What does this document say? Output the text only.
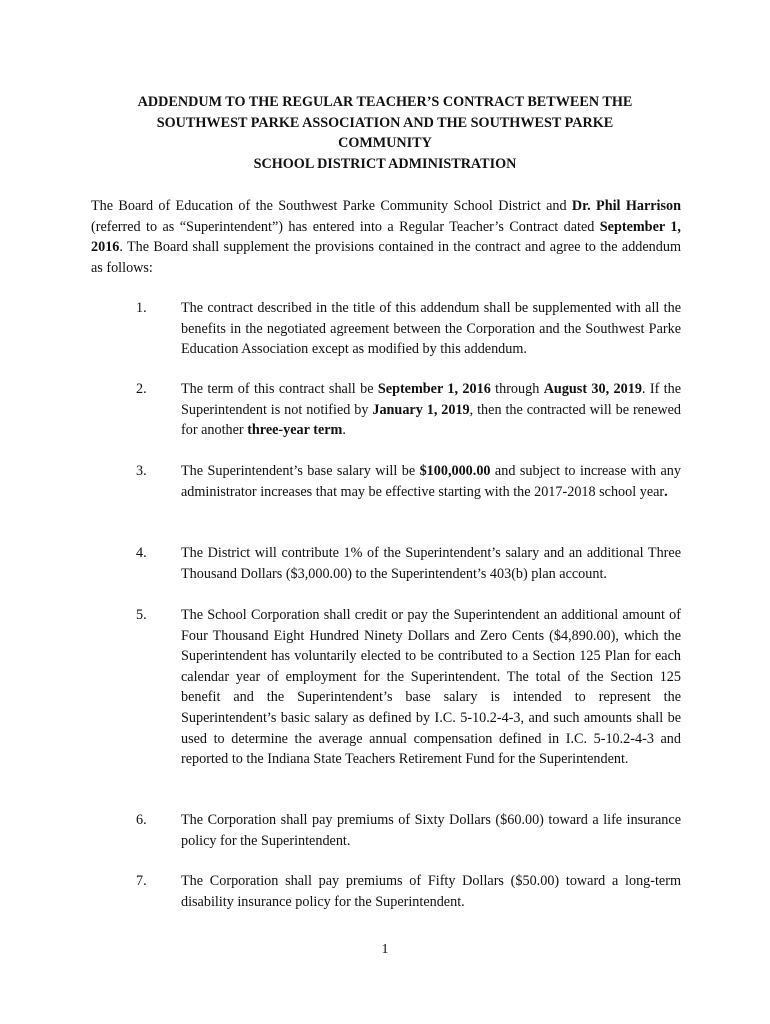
ADDENDUM TO THE REGULAR TEACHER’S CONTRACT BETWEEN THE
SOUTHWEST PARKE ASSOCIATION AND THE SOUTHWEST PARKE
COMMUNITY
SCHOOL DISTRICT ADMINISTRATION
The Board of Education of the Southwest Parke Community School District and Dr. Phil Harrison (referred to as “Superintendent”) has entered into a Regular Teacher’s Contract dated September 1, 2016. The Board shall supplement the provisions contained in the contract and agree to the addendum as follows:
1. The contract described in the title of this addendum shall be supplemented with all the benefits in the negotiated agreement between the Corporation and the Southwest Parke Education Association except as modified by this addendum.
2. The term of this contract shall be September 1, 2016 through August 30, 2019. If the Superintendent is not notified by January 1, 2019, then the contracted will be renewed for another three-year term.
3. The Superintendent’s base salary will be $100,000.00 and subject to increase with any administrator increases that may be effective starting with the 2017-2018 school year.
4. The District will contribute 1% of the Superintendent’s salary and an additional Three Thousand Dollars ($3,000.00) to the Superintendent’s 403(b) plan account.
5. The School Corporation shall credit or pay the Superintendent an additional amount of Four Thousand Eight Hundred Ninety Dollars and Zero Cents ($4,890.00), which the Superintendent has voluntarily elected to be contributed to a Section 125 Plan for each calendar year of employment for the Superintendent. The total of the Section 125 benefit and the Superintendent’s base salary is intended to represent the Superintendent’s basic salary as defined by I.C. 5-10.2-4-3, and such amounts shall be used to determine the average annual compensation defined in I.C. 5-10.2-4-3 and reported to the Indiana State Teachers Retirement Fund for the Superintendent.
6. The Corporation shall pay premiums of Sixty Dollars ($60.00) toward a life insurance policy for the Superintendent.
7. The Corporation shall pay premiums of Fifty Dollars ($50.00) toward a long-term disability insurance policy for the Superintendent.
1
